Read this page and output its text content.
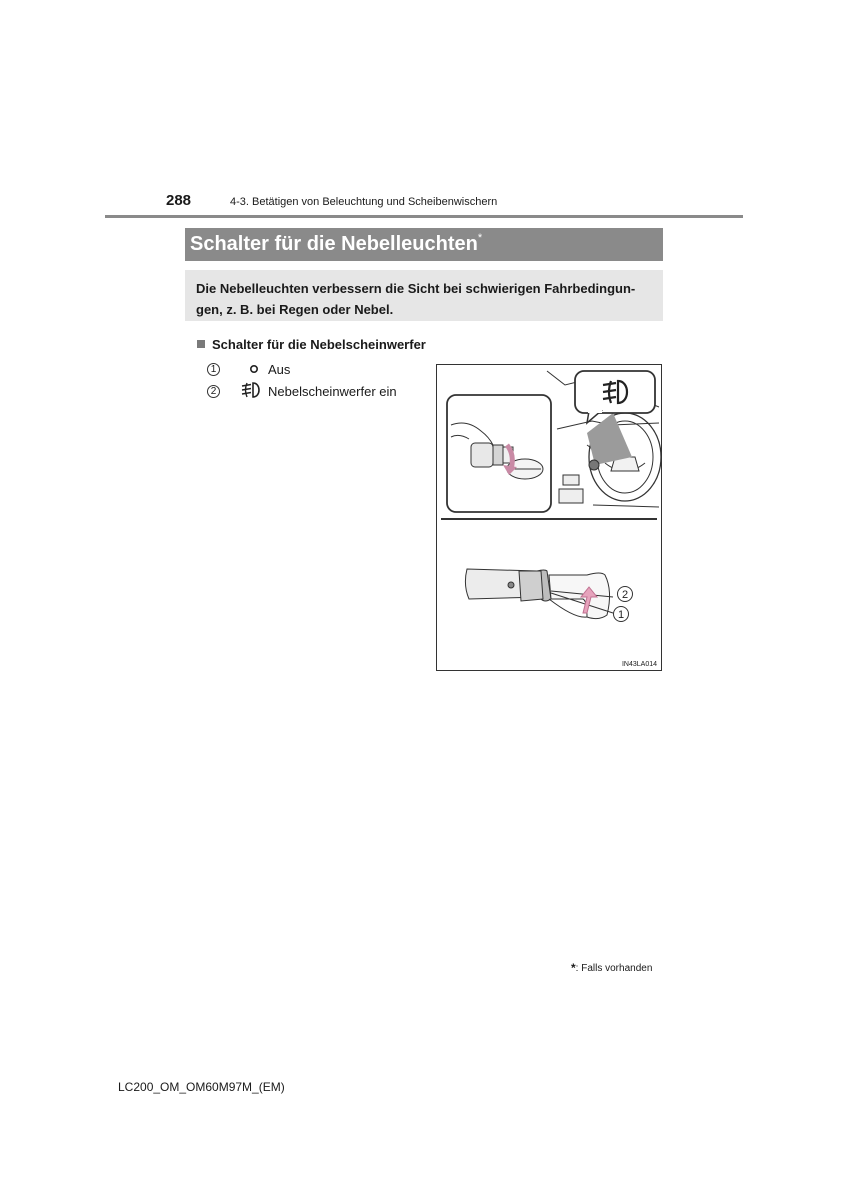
288	4-3. Betätigen von Beleuchtung und Scheibenwischern
Schalter für die Nebelleuchten*
Die Nebelleuchten verbessern die Sicht bei schwierigen Fahrbedingun-gen, z. B. bei Regen oder Nebel.
Schalter für die Nebelscheinwerfer
1	Aus
2	Nebelscheinwerfer ein
2
1
IN43LA014
*: Falls vorhanden
LC200_OM_OM60M97M_(EM)
